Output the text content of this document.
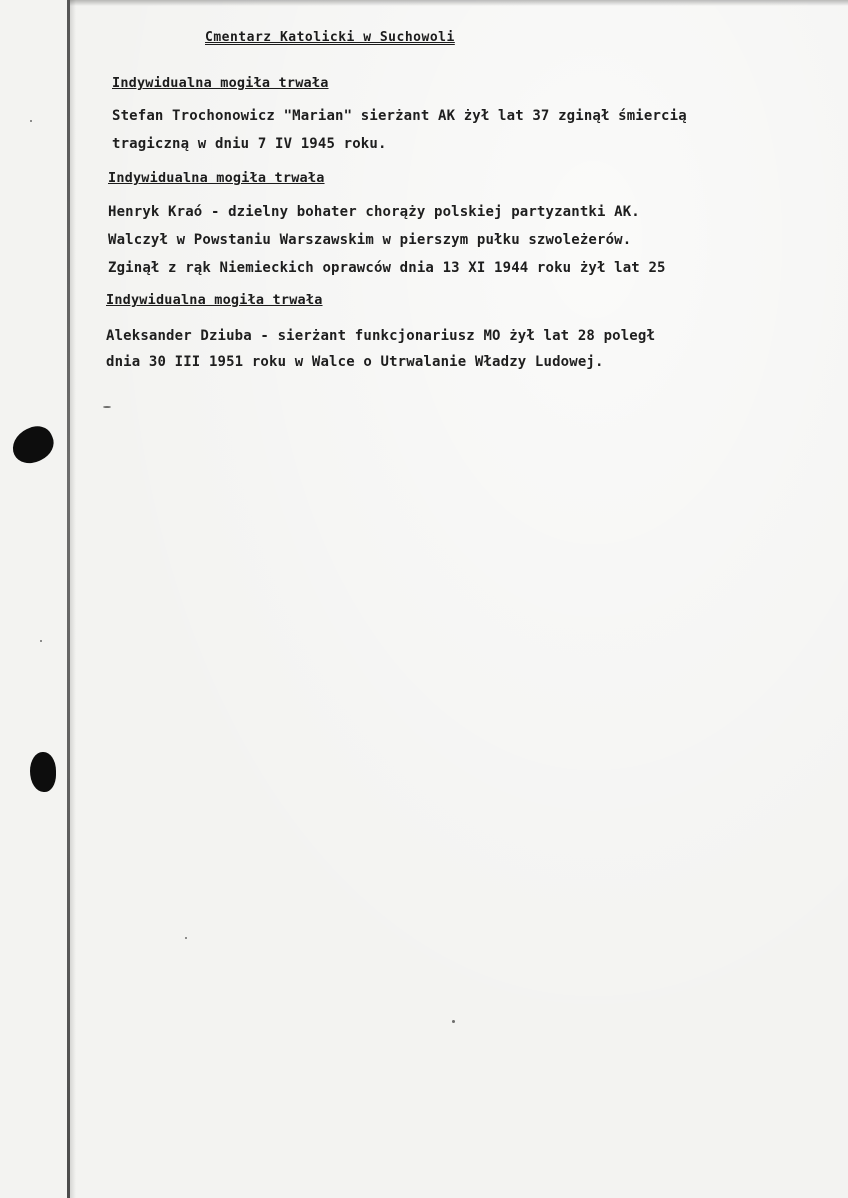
Cmentarz Katolicki w Suchowoli
Indywidualna mogiła trwała
Stefan Trochonowicz "Marian" sierżant AK żył lat 37 zginął śmiercią
tragiczną w dniu 7 IV 1945 roku.
Indywidualna mogiła trwała
Henryk Kraó - dzielny bohater chorąży polskiej partyzantki AK.
Walczył w Powstaniu Warszawskim w pierszym pułku szwoleżerów.
Zginął z rąk Niemieckich oprawców dnia 13 XI 1944 roku żył lat 25
Indywidualna mogiła trwała
Aleksander Dziuba - sierżant funkcjonariusz MO żył lat 28 poległ
dnia 30 III 1951 roku w Walce o Utrwalanie Władzy Ludowej.
